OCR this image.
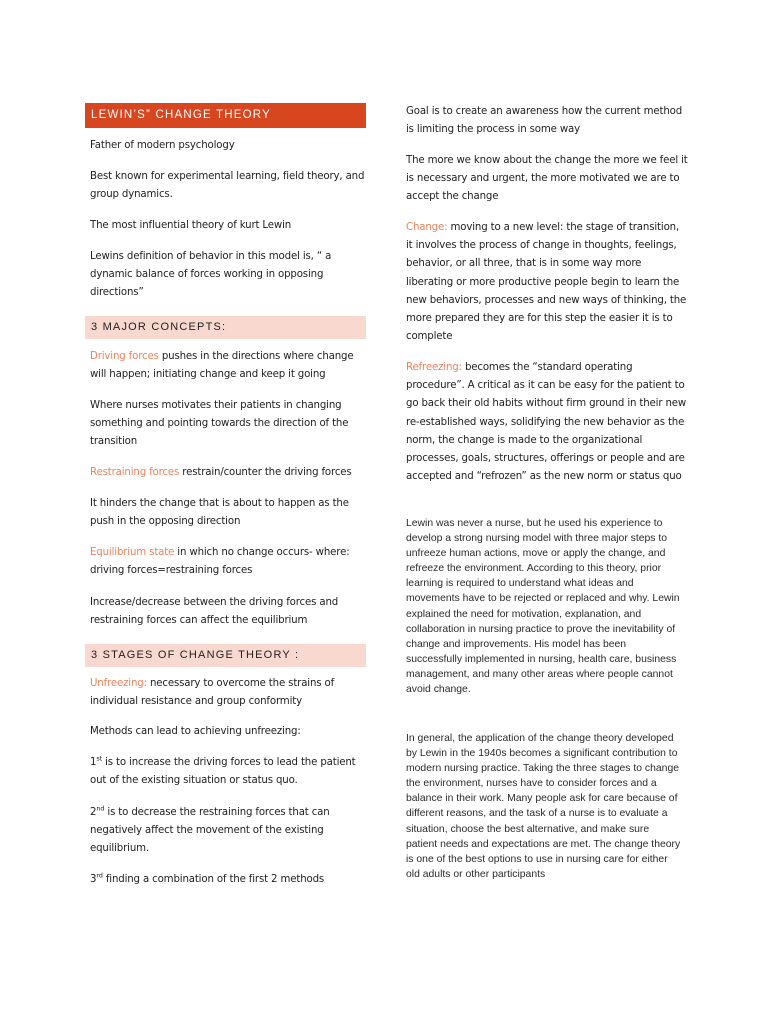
LEWIN’S” CHANGE THEORY

Father of modern psychology

Best known for experimental learning, field theory, and group dynamics.

The most influential theory of kurt Lewin

Lewins definition of behavior in this model is, “ a dynamic balance of forces working in opposing directions”

3 MAJOR CONCEPTS:

Driving forces pushes in the directions where change will happen; initiating change and keep it going

Where nurses motivates their patients in changing something and pointing towards the direction of the transition

Restraining forces restrain/counter the driving forces

It hinders the change that is about to happen as the push in the opposing direction

Equilibrium state in which no change occurs- where: driving forces=restraining forces

Increase/decrease between the driving forces and restraining forces can affect the equilibrium

3 STAGES OF CHANGE THEORY :

Unfreezing: necessary to overcome the strains of individual resistance and group conformity

Methods can lead to achieving unfreezing:

1st is to increase the driving forces to lead the patient out of the existing situation or status quo.

2nd is to decrease the restraining forces that can negatively affect the movement of the existing equilibrium.

3rd finding a combination of the first 2 methods

Goal is to create an awareness how the current method is limiting the process in some way

The more we know about the change the more we feel it is necessary and urgent, the more motivated we are to accept the change

Change: moving to a new level: the stage of transition, it involves the process of change in thoughts, feelings, behavior, or all three, that is in some way more liberating or more productive people begin to learn the new behaviors, processes and new ways of thinking, the more prepared they are for this step the easier it is to complete

Refreezing: becomes the “standard operating procedure”. A critical as it can be easy for the patient to go back their old habits without firm ground in their new re-established ways, solidifying the new behavior as the norm, the change is made to the organizational processes, goals, structures, offerings or people and are accepted and “refrozen” as the new norm or status quo

Lewin was never a nurse, but he used his experience to develop a strong nursing model with three major steps to unfreeze human actions, move or apply the change, and refreeze the environment. According to this theory, prior learning is required to understand what ideas and movements have to be rejected or replaced and why. Lewin explained the need for motivation, explanation, and collaboration in nursing practice to prove the inevitability of change and improvements. His model has been successfully implemented in nursing, health care, business management, and many other areas where people cannot avoid change.

In general, the application of the change theory developed by Lewin in the 1940s becomes a significant contribution to modern nursing practice. Taking the three stages to change the environment, nurses have to consider forces and a balance in their work. Many people ask for care because of different reasons, and the task of a nurse is to evaluate a situation, choose the best alternative, and make sure patient needs and expectations are met. The change theory is one of the best options to use in nursing care for either old adults or other participants
